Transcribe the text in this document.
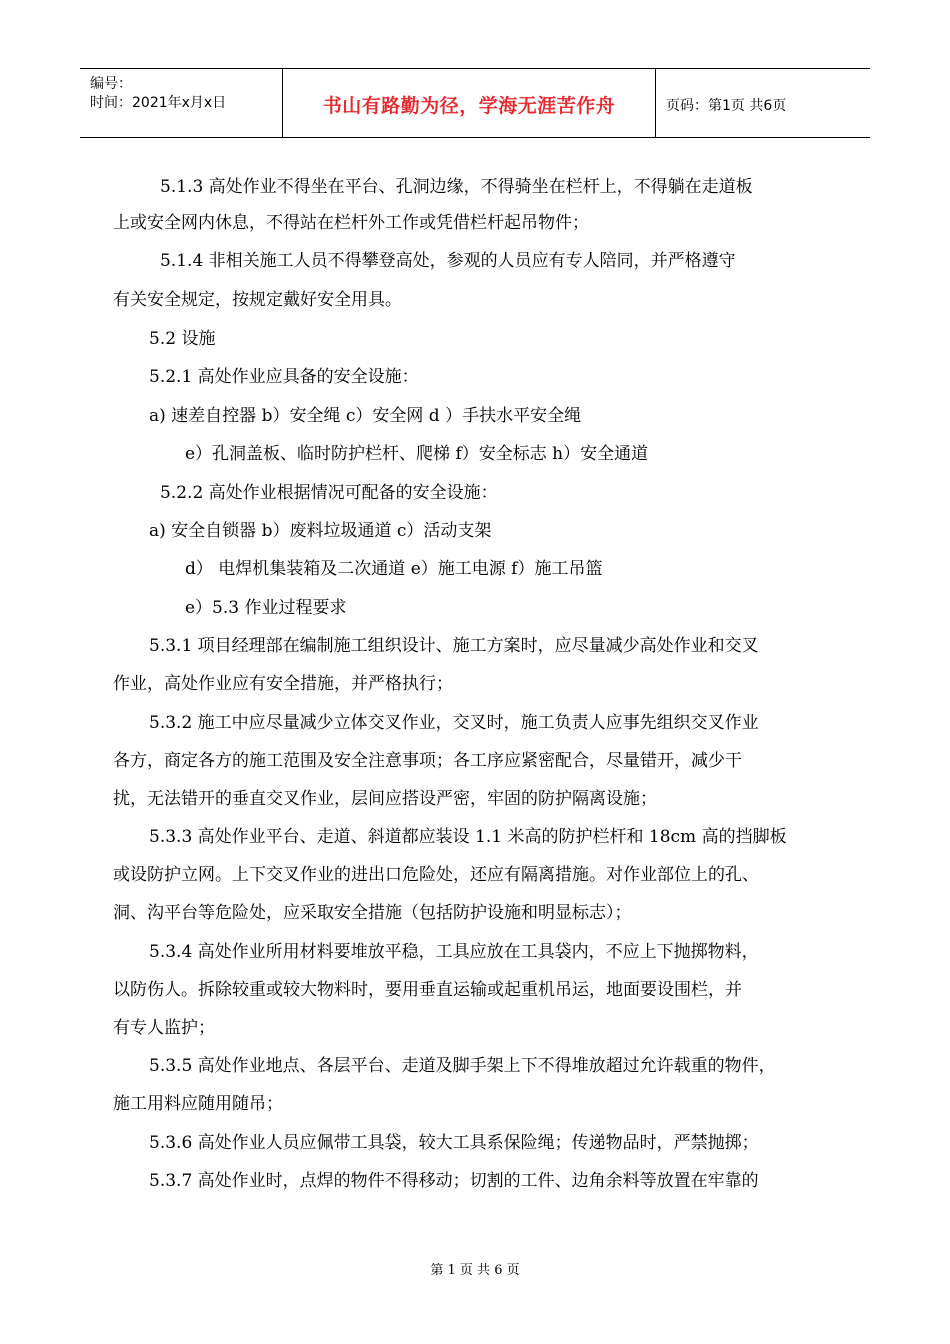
编号：
时间：2021年x月x日	书山有路勤为径，学海无涯苦作舟	页码：第1页 共6页
5.1.3 高处作业不得坐在平台、孔洞边缘，不得骑坐在栏杆上，不得躺在走道板
上或安全网内休息，不得站在栏杆外工作或凭借栏杆起吊物件；
5.1.4 非相关施工人员不得攀登高处，参观的人员应有专人陪同，并严格遵守
有关安全规定，按规定戴好安全用具。
5.2 设施
5.2.1 高处作业应具备的安全设施：
a) 速差自控器 b）安全绳 c）安全网 d ）手扶水平安全绳
e）孔洞盖板、临时防护栏杆、爬梯 f）安全标志 h）安全通道
5.2.2 高处作业根据情况可配备的安全设施：
a) 安全自锁器 b）废料垃圾通道 c）活动支架
d） 电焊机集装箱及二次通道 e）施工电源 f）施工吊篮
e）5.3 作业过程要求
5.3.1 项目经理部在编制施工组织设计、施工方案时，应尽量减少高处作业和交叉
作业，高处作业应有安全措施，并严格执行；
5.3.2 施工中应尽量减少立体交叉作业，交叉时，施工负责人应事先组织交叉作业
各方，商定各方的施工范围及安全注意事项；各工序应紧密配合，尽量错开，减少干
扰，无法错开的垂直交叉作业，层间应搭设严密，牢固的防护隔离设施；
5.3.3 高处作业平台、走道、斜道都应装设 1.1 米高的防护栏杆和 18cm 高的挡脚板
或设防护立网。上下交叉作业的进出口危险处，还应有隔离措施。对作业部位上的孔、
洞、沟平台等危险处，应采取安全措施（包括防护设施和明显标志）；
5.3.4 高处作业所用材料要堆放平稳，工具应放在工具袋内，不应上下抛掷物料，
以防伤人。拆除较重或较大物料时，要用垂直运输或起重机吊运，地面要设围栏，并
有专人监护；
5.3.5 高处作业地点、各层平台、走道及脚手架上下不得堆放超过允许载重的物件，
施工用料应随用随吊；
5.3.6 高处作业人员应佩带工具袋，较大工具系保险绳；传递物品时，严禁抛掷；
5.3.7 高处作业时，点焊的物件不得移动；切割的工件、边角余料等放置在牢靠的
第 1 页 共 6 页
